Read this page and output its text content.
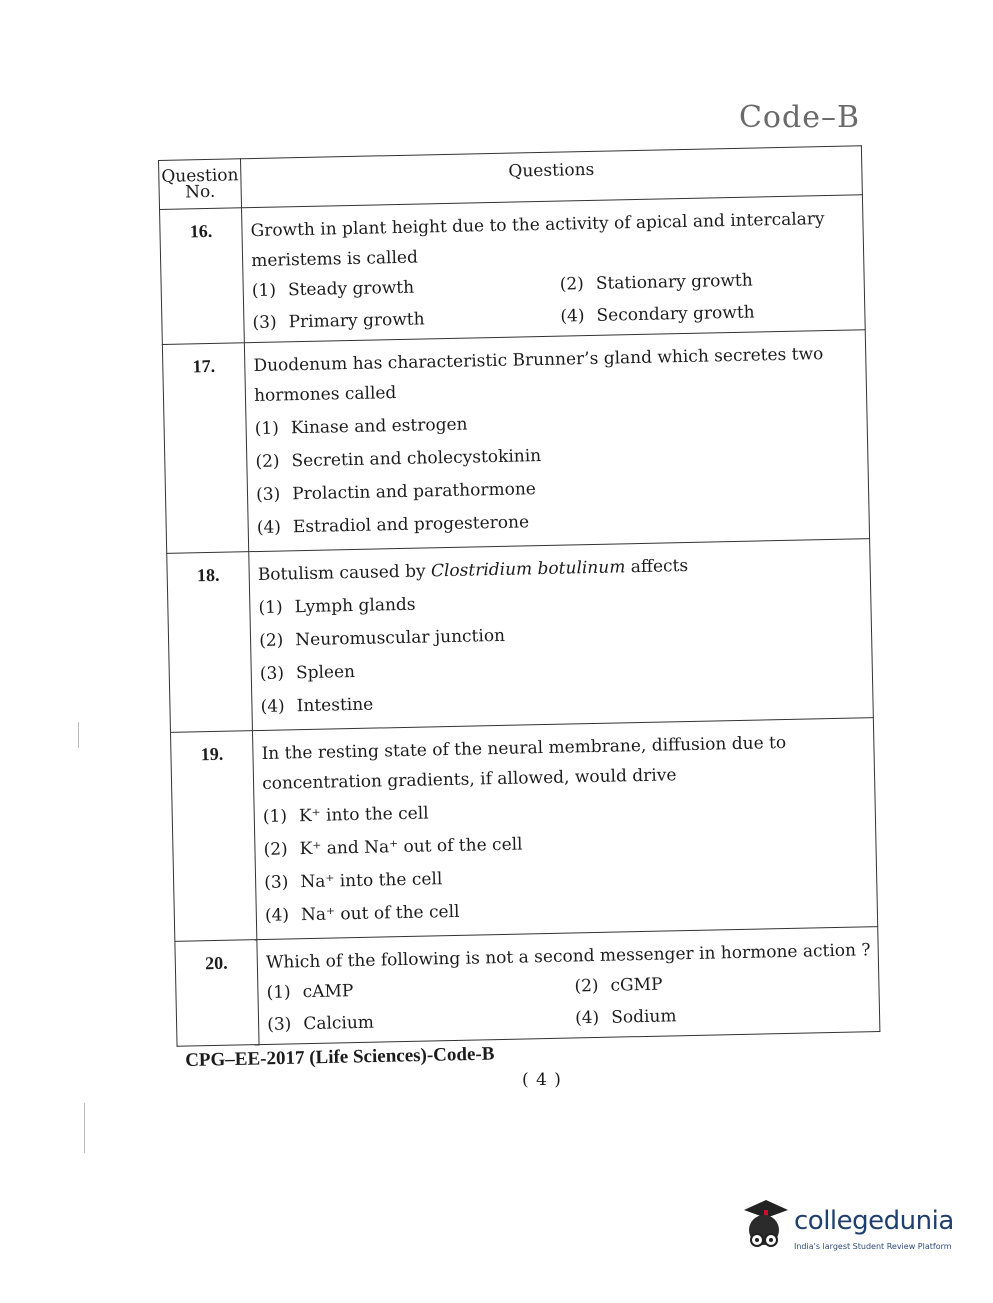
Code–B
Question No.	Questions
16.	Growth in plant height due to the activity of apical and intercalary meristems is called
(1) Steady growth (2) Stationary growth
(3) Primary growth (4) Secondary growth

17.	Duodenum has characteristic Brunner’s gland which secretes two hormones called
(1) Kinase and estrogen
(2) Secretin and cholecystokinin
(3) Prolactin and parathormone
(4) Estradiol and progesterone

18.	Botulism caused by Clostridium botulinum affects
(1) Lymph glands
(2) Neuromuscular junction
(3) Spleen
(4) Intestine

19.	In the resting state of the neural membrane, diffusion due to concentration gradients, if allowed, would drive
(1) K⁺ into the cell
(2) K⁺ and Na⁺ out of the cell
(3) Na⁺ into the cell
(4) Na⁺ out of the cell

20.	Which of the following is not a second messenger in hormone action ?
(1) cAMP (2) cGMP
(3) Calcium (4) Sodium
CPG–EE-2017 (Life Sciences)-Code-B
( 4 )
collegedunia
India's largest Student Review Platform
